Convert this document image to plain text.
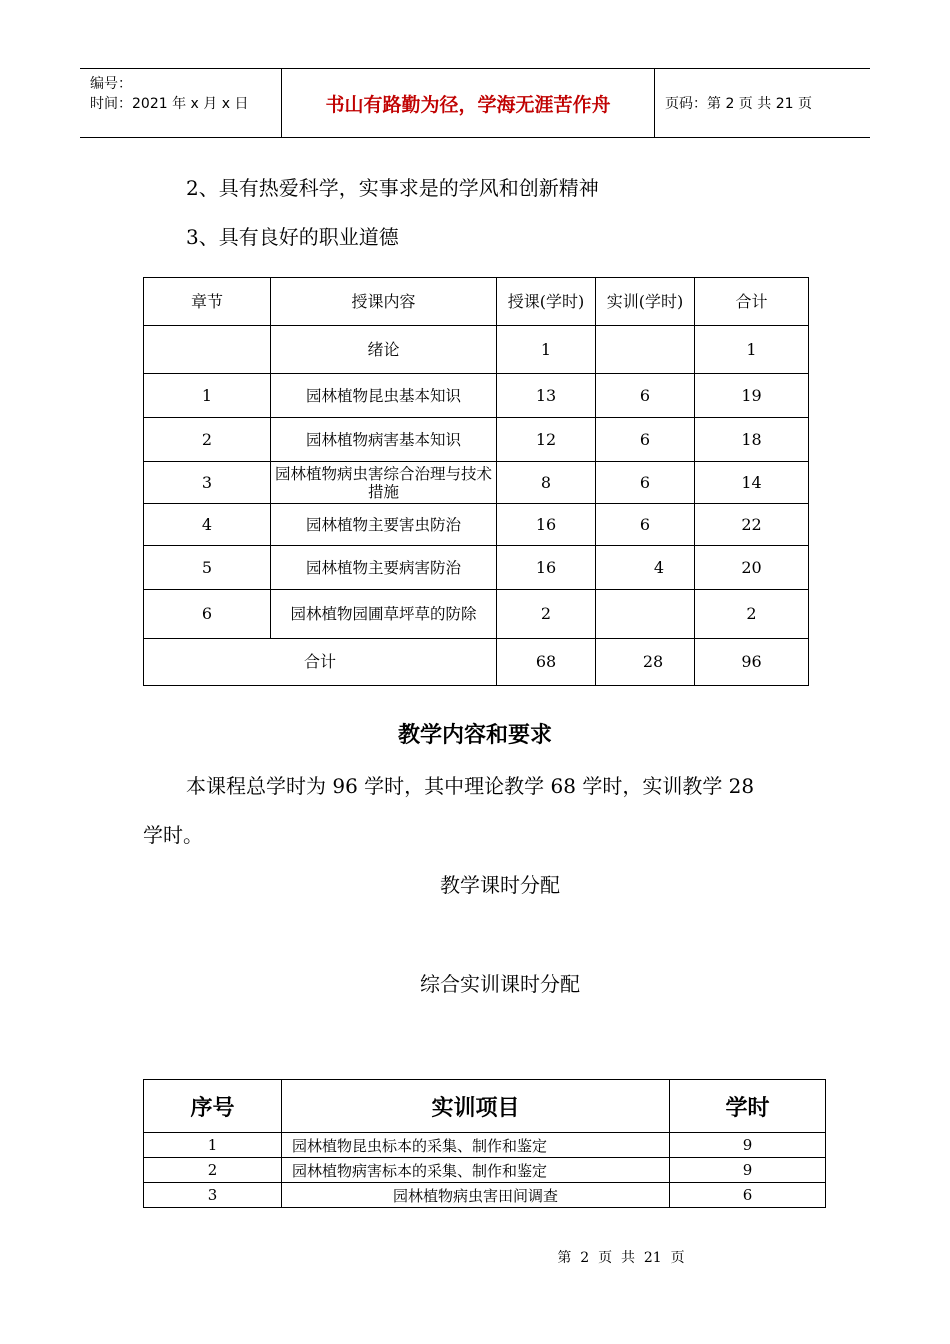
编号：
时间：2021 年 x 月 x 日	书山有路勤为径，学海无涯苦作舟	页码：第 2 页 共 21 页
2、具有热爱科学，实事求是的学风和创新精神
3、具有良好的职业道德
章节	授课内容	授课(学时)	实训(学时)	合计
	绪论	1		1
1	园林植物昆虫基本知识	13	6	19
2	园林植物病害基本知识	12	6	18
3	园林植物病虫害综合治理与技术措施	8	6	14
4	园林植物主要害虫防治	16	6	22
5	园林植物主要病害防治	16	4	20
6	园林植物园圃草坪草的防除	2		2
合计		68	28	96
教学内容和要求
本课程总学时为 96 学时，其中理论教学 68 学时，实训教学 28
学时。
教学课时分配
综合实训课时分配
序号	实训项目	学时
1	园林植物昆虫标本的采集、制作和鉴定	9
2	园林植物病害标本的采集、制作和鉴定	9
3	园林植物病虫害田间调查	6
第  2  页  共  21  页
